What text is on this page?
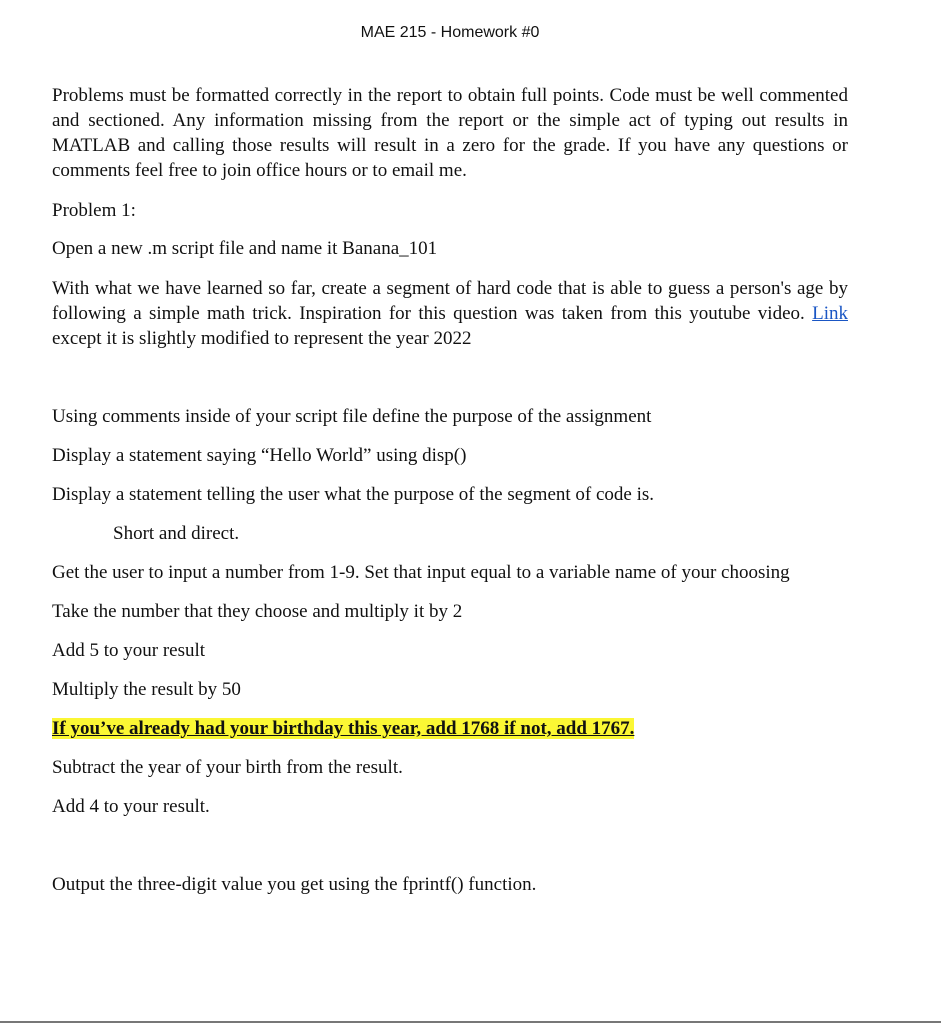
MAE 215 - Homework #0
Problems must be formatted correctly in the report to obtain full points. Code must be well commented and sectioned. Any information missing from the report or the simple act of typing out results in MATLAB and calling those results will result in a zero for the grade. If you have any questions or comments feel free to join office hours or to email me.
Problem 1:
Open a new .m script file and name it Banana_101
With what we have learned so far, create a segment of hard code that is able to guess a person's age by following a simple math trick. Inspiration for this question was taken from this youtube video. Link except it is slightly modified to represent the year 2022
Using comments inside of your script file define the purpose of the assignment
Display a statement saying “Hello World” using disp()
Display a statement telling the user what the purpose of the segment of code is.
Short and direct.
Get the user to input a number from 1-9. Set that input equal to a variable name of your choosing
Take the number that they choose and multiply it by 2
Add 5 to your result
Multiply the result by 50
If you’ve already had your birthday this year, add 1768 if not, add 1767.
Subtract the year of your birth from the result.
Add 4 to your result.
Output the three-digit value you get using the fprintf() function.
